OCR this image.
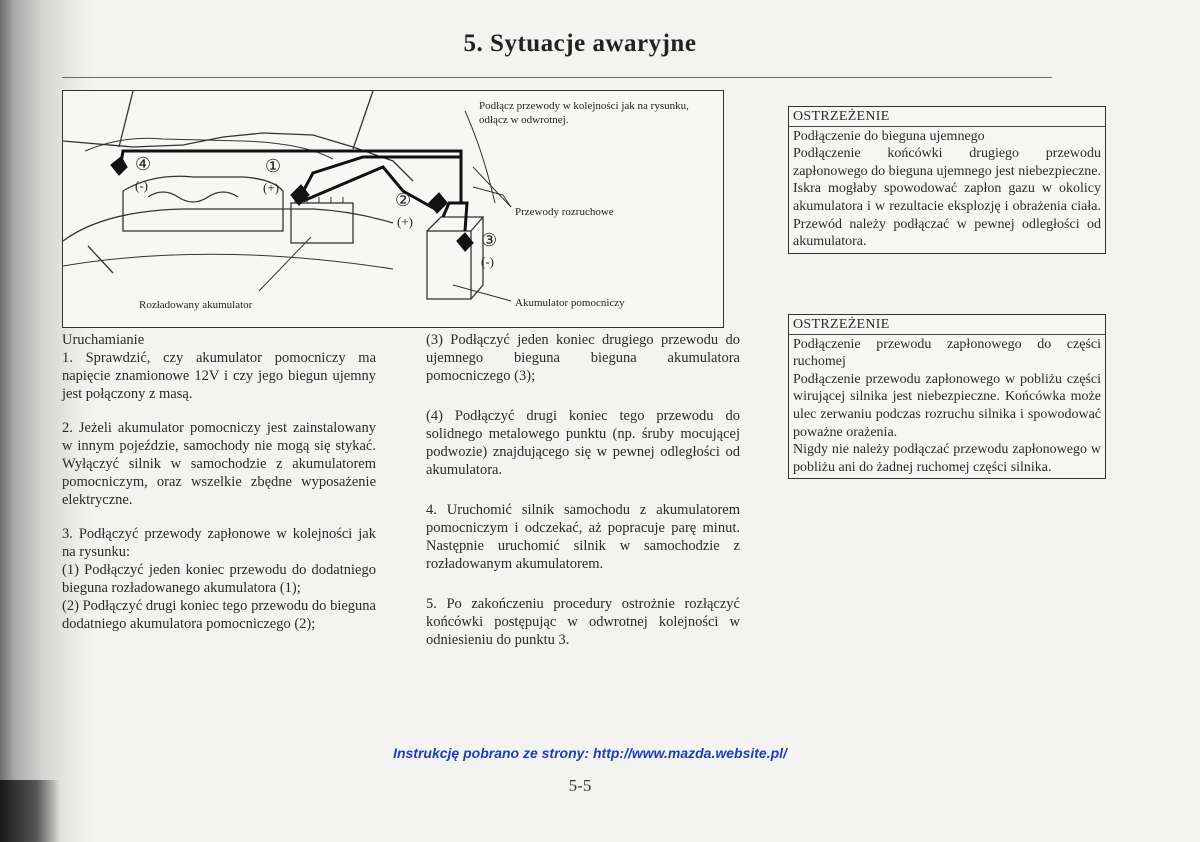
5. Sytuacje awaryjne
Podłącz przewody w kolejności jak na rysunku, odłącz w odwrotnej.
Przewody rozruchowe
Rozładowany akumulator	Akumulator pomocniczy
④
(-)
①
(+)
②
(+)
③
(-)

Uruchamianie

1. Sprawdzić, czy akumulator pomocniczy ma napięcie znamionowe 12V i czy jego biegun ujemny jest połączony z masą.

2. Jeżeli akumulator pomocniczy jest zainstalowany w innym pojeździe, samochody nie mogą się stykać. Wyłączyć silnik w samochodzie z akumulatorem pomocniczym, oraz wszelkie zbędne wyposażenie elektryczne.

3. Podłączyć przewody zapłonowe w kolejności jak na rysunku:

(1) Podłączyć jeden koniec przewodu do dodatniego bieguna rozładowanego akumulatora (1);

(2) Podłączyć drugi koniec tego przewodu do bieguna dodatniego akumulatora pomocniczego (2);

(3) Podłączyć jeden koniec drugiego przewodu do ujemnego bieguna bieguna akumulatora pomocniczego (3);

(4) Podłączyć drugi koniec tego przewodu do solidnego metalowego punktu (np. śruby mocującej podwozie) znajdującego się w pewnej odległości od akumulatora.

4. Uruchomić silnik samochodu z akumulatorem pomocniczym i odczekać, aż popracuje parę minut. Następnie uruchomić silnik w samochodzie z rozładowanym akumulatorem.

5. Po zakończeniu procedury ostrożnie rozłączyć końcówki postępując w odwrotnej kolejności w odniesieniu do punktu 3.

OSTRZEŻENIE

Podłączenie do bieguna ujemnego

Podłączenie końcówki drugiego przewodu zapłonowego do bieguna ujemnego jest niebezpieczne. Iskra mogłaby spowodować zapłon gazu w okolicy akumulatora i w rezultacie eksplozję i obrażenia ciała. Przewód należy podłączać w pewnej odległości od akumulatora.

OSTRZEŻENIE

Podłączenie przewodu zapłonowego do części ruchomej

Podłączenie przewodu zapłonowego w pobliżu części wirującej silnika jest niebezpieczne. Końcówka może ulec zerwaniu podczas rozruchu silnika i spowodować poważne orażenia.

Nigdy nie należy podłączać przewodu zapłonowego w pobliżu ani do żadnej ruchomej części silnika.

Instrukcję pobrano ze strony: http://www.mazda.website.pl/
5-5
